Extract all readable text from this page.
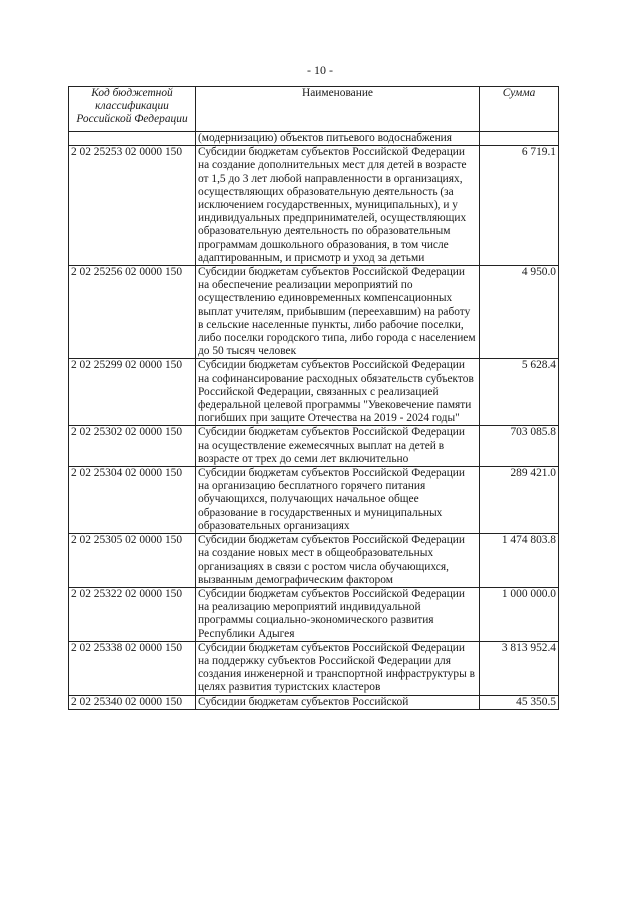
- 10 -
Код бюджетной классификации Российской Федерации	Наименование	Сумма
	(модернизацию) объектов питьевого водоснабжения	
2 02 25253 02 0000 150	Субсидии бюджетам субъектов Российской Федерации на создание дополнительных мест для детей в возрасте от 1,5 до 3 лет любой направленности в организациях, осуществляющих образовательную деятельность (за исключением государственных, муниципальных), и у индивидуальных предпринимателей, осуществляющих образовательную деятельность по образовательным программам дошкольного образования, в том числе адаптированным, и присмотр и уход за детьми	6 719.1
2 02 25256 02 0000 150	Субсидии бюджетам субъектов Российской Федерации на обеспечение реализации мероприятий по осуществлению единовременных компенсационных выплат учителям, прибывшим (переехавшим) на работу в сельские населенные пункты, либо рабочие поселки, либо поселки городского типа, либо города с населением до 50 тысяч человек	4 950.0
2 02 25299 02 0000 150	Субсидии бюджетам субъектов Российской Федерации на софинансирование расходных обязательств субъектов Российской Федерации, связанных с реализацией федеральной целевой программы "Увековечение памяти погибших при защите Отечества на 2019 - 2024 годы"	5 628.4
2 02 25302 02 0000 150	Субсидии бюджетам субъектов Российской Федерации на осуществление ежемесячных выплат на детей в возрасте от трех до семи лет включительно	703 085.8
2 02 25304 02 0000 150	Субсидии бюджетам субъектов Российской Федерации на организацию бесплатного горячего питания обучающихся, получающих начальное общее образование в государственных и муниципальных образовательных организациях	289 421.0
2 02 25305 02 0000 150	Субсидии бюджетам субъектов Российской Федерации на создание новых мест в общеобразовательных организациях в связи с ростом числа обучающихся, вызванным демографическим фактором	1 474 803.8
2 02 25322 02 0000 150	Субсидии бюджетам субъектов Российской Федерации на реализацию мероприятий индивидуальной программы социально-экономического развития Республики Адыгея	1 000 000.0
2 02 25338 02 0000 150	Субсидии бюджетам субъектов Российской Федерации на поддержку субъектов Российской Федерации для создания инженерной и транспортной инфраструктуры в целях развития туристских кластеров	3 813 952.4
2 02 25340 02 0000 150	Субсидии бюджетам субъектов Российской	45 350.5
